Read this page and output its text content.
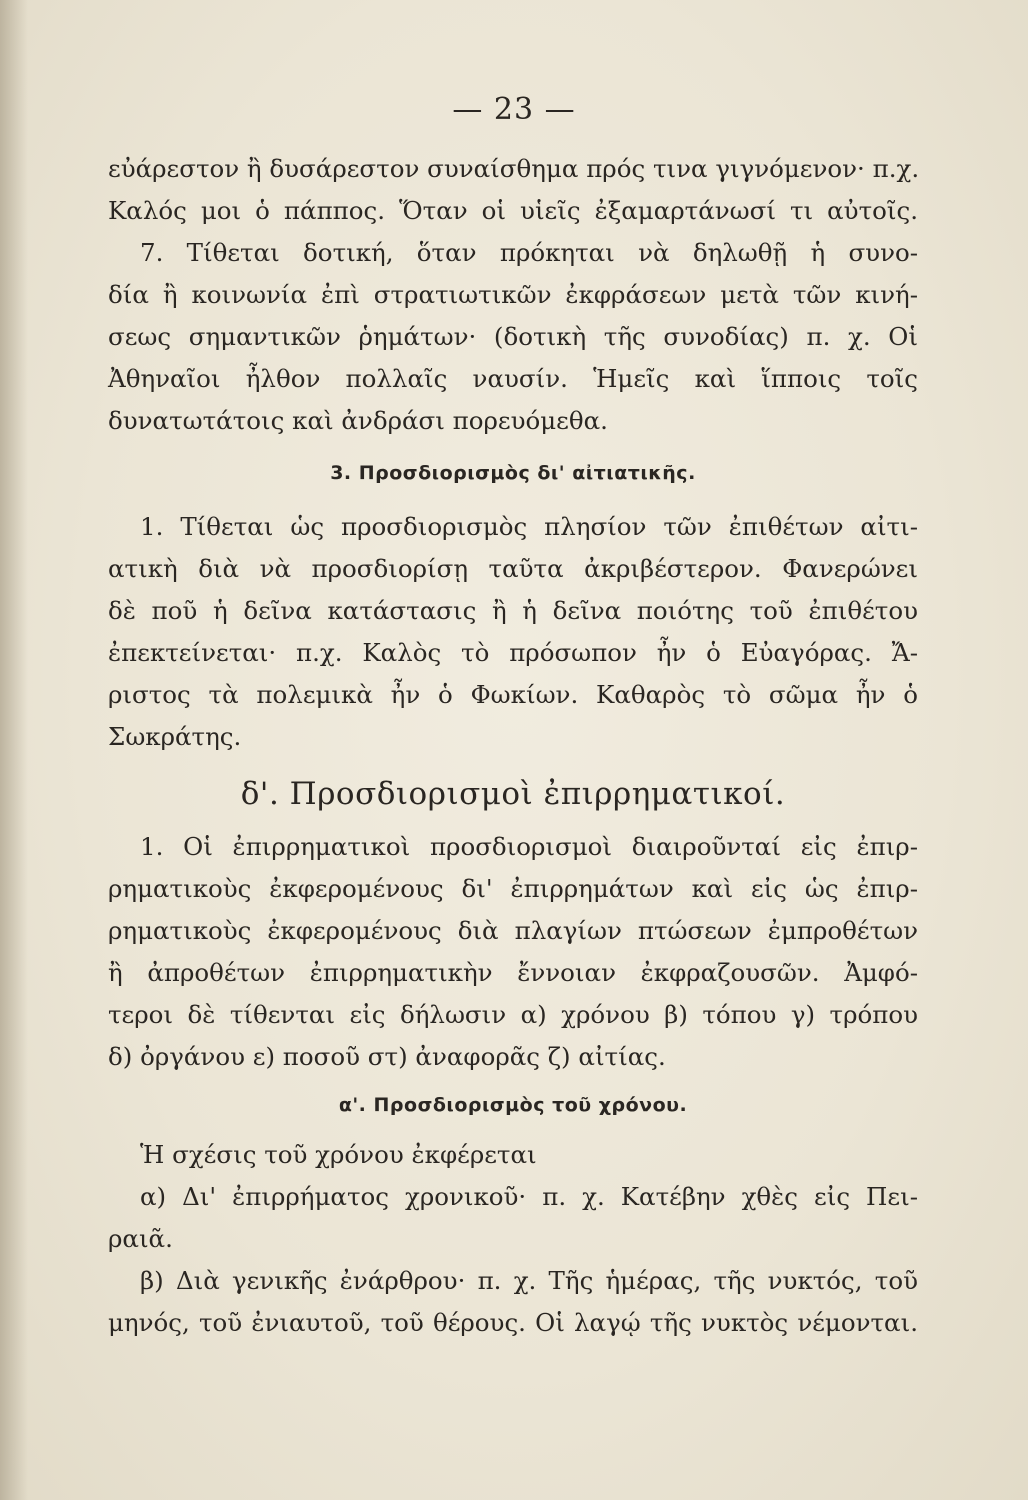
— 23 —
εὐάρεστον ἢ δυσάρεστον συναίσθημα πρός τινα γιγνόμενον· π.χ.
Καλός μοι ὁ πάππος. Ὅταν οἱ υἱεῖς ἐξαμαρτάνωσί τι αὐτοῖς.
7. Τίθεται δοτική, ὅταν πρόκηται νὰ δηλωθῇ ἡ συνο-
δία ἢ κοινωνία ἐπὶ στρατιωτικῶν ἐκφράσεων μετὰ τῶν κινή-
σεως σημαντικῶν ῥημάτων· (δοτικὴ τῆς συνοδίας) π. χ. Οἱ
Ἀθηναῖοι ἦλθον πολλαῖς ναυσίν. Ἡμεῖς καὶ ἵπποις τοῖς
δυνατωτάτοις καὶ ἀνδράσι πορευόμεθα.
3. Προσδιορισμὸς δι' αἰτιατικῆς.
1. Τίθεται ὡς προσδιορισμὸς πλησίον τῶν ἐπιθέτων αἰτι-
ατικὴ διὰ νὰ προσδιορίσῃ ταῦτα ἀκριβέστερον. Φανερώνει
δὲ ποῦ ἡ δεῖνα κατάστασις ἢ ἡ δεῖνα ποιότης τοῦ ἐπιθέτου
ἐπεκτείνεται· π.χ. Καλὸς τὸ πρόσωπον ἦν ὁ Εὐαγόρας. Ἄ-
ριστος τὰ πολεμικὰ ἦν ὁ Φωκίων. Καθαρὸς τὸ σῶμα ἦν ὁ
Σωκράτης.
δ'. Προσδιορισμοὶ ἐπιρρηματικοί.
1. Οἱ ἐπιρρηματικοὶ προσδιορισμοὶ διαιροῦνταί εἰς ἐπιρ-
ρηματικοὺς ἐκφερομένους δι' ἐπιρρημάτων καὶ εἰς ὡς ἐπιρ-
ρηματικοὺς ἐκφερομένους διὰ πλαγίων πτώσεων ἐμπροθέτων
ἢ ἀπροθέτων ἐπιρρηματικὴν ἔννοιαν ἐκφραζουσῶν. Ἀμφό-
τεροι δὲ τίθενται εἰς δήλωσιν α) χρόνου β) τόπου γ) τρόπου
δ) ὀργάνου ε) ποσοῦ στ) ἀναφορᾶς ζ) αἰτίας.
α'. Προσδιορισμὸς τοῦ χρόνου.
Ἡ σχέσις τοῦ χρόνου ἐκφέρεται
α) Δι' ἐπιρρήματος χρονικοῦ· π. χ. Κατέβην χθὲς εἰς Πει-
ραιᾶ.
β) Διὰ γενικῆς ἐνάρθρου· π. χ. Τῆς ἡμέρας, τῆς νυκτός, τοῦ
μηνός, τοῦ ἐνιαυτοῦ, τοῦ θέρους. Οἱ λαγῴ τῆς νυκτὸς νέμονται.
